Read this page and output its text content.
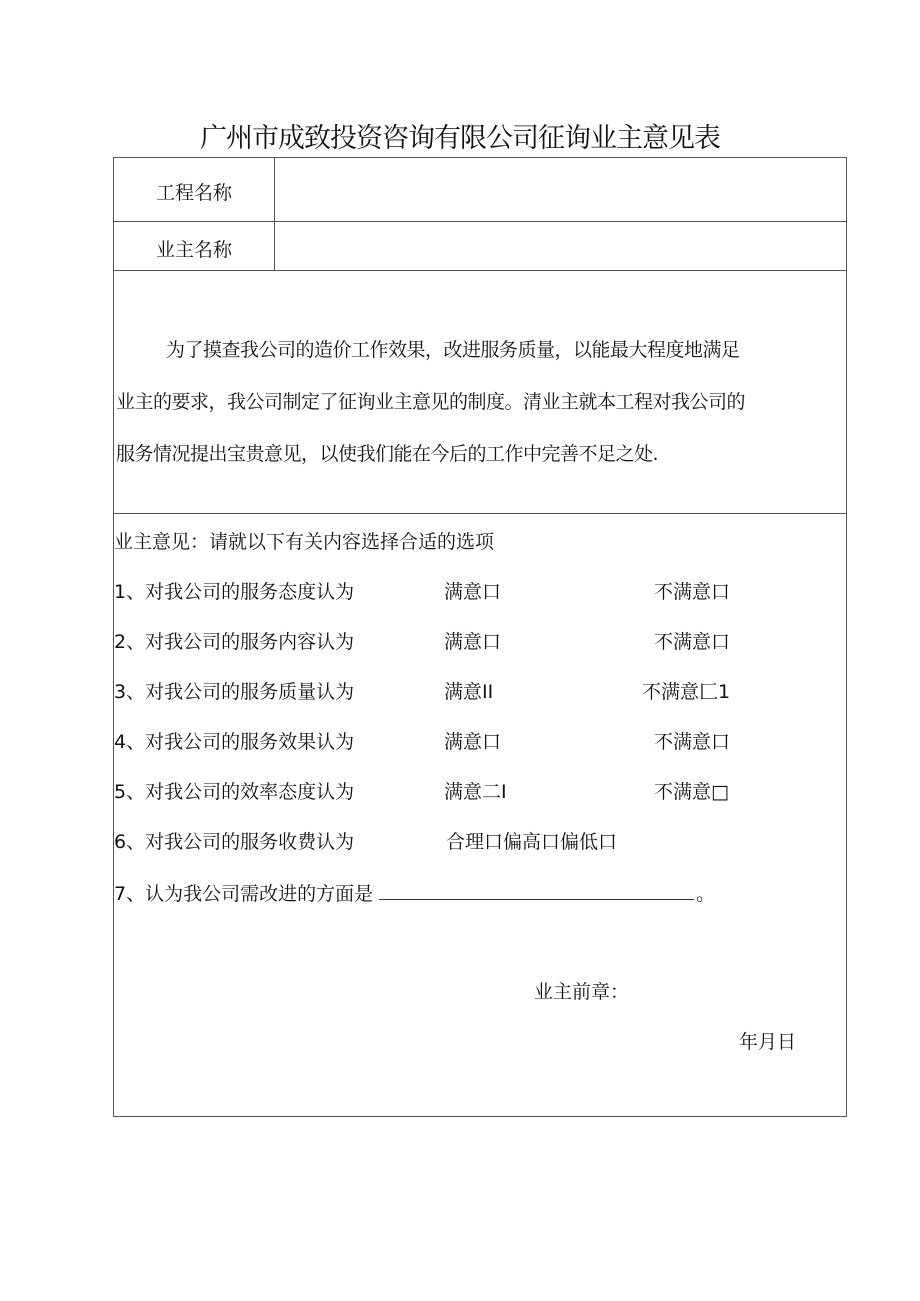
广州市成致投资咨询有限公司征询业主意见表
工程名称
业主名称

为了摸查我公司的造价工作效果，改进服务质量，以能最大程度地满足

业主的要求，我公司制定了征询业主意见的制度。清业主就本工程对我公司的

服务情况提出宝贵意见，以使我们能在今后的工作中完善不足之处.

业主意见：请就以下有关内容选择合适的选项
1、对我公司的服务态度认为	满意口	不满意口
2、对我公司的服务内容认为	满意口	不满意口
3、对我公司的服务质量认为	满意II	不满意匚1
4、对我公司的服务效果认为	满意口	不满意口
5、对我公司的效率态度认为	满意二I	不满意□
6、对我公司的服务收费认为	合理口偏高口偏低口
7、认为我公司需改进的方面是	。
业主前章：
年月日
